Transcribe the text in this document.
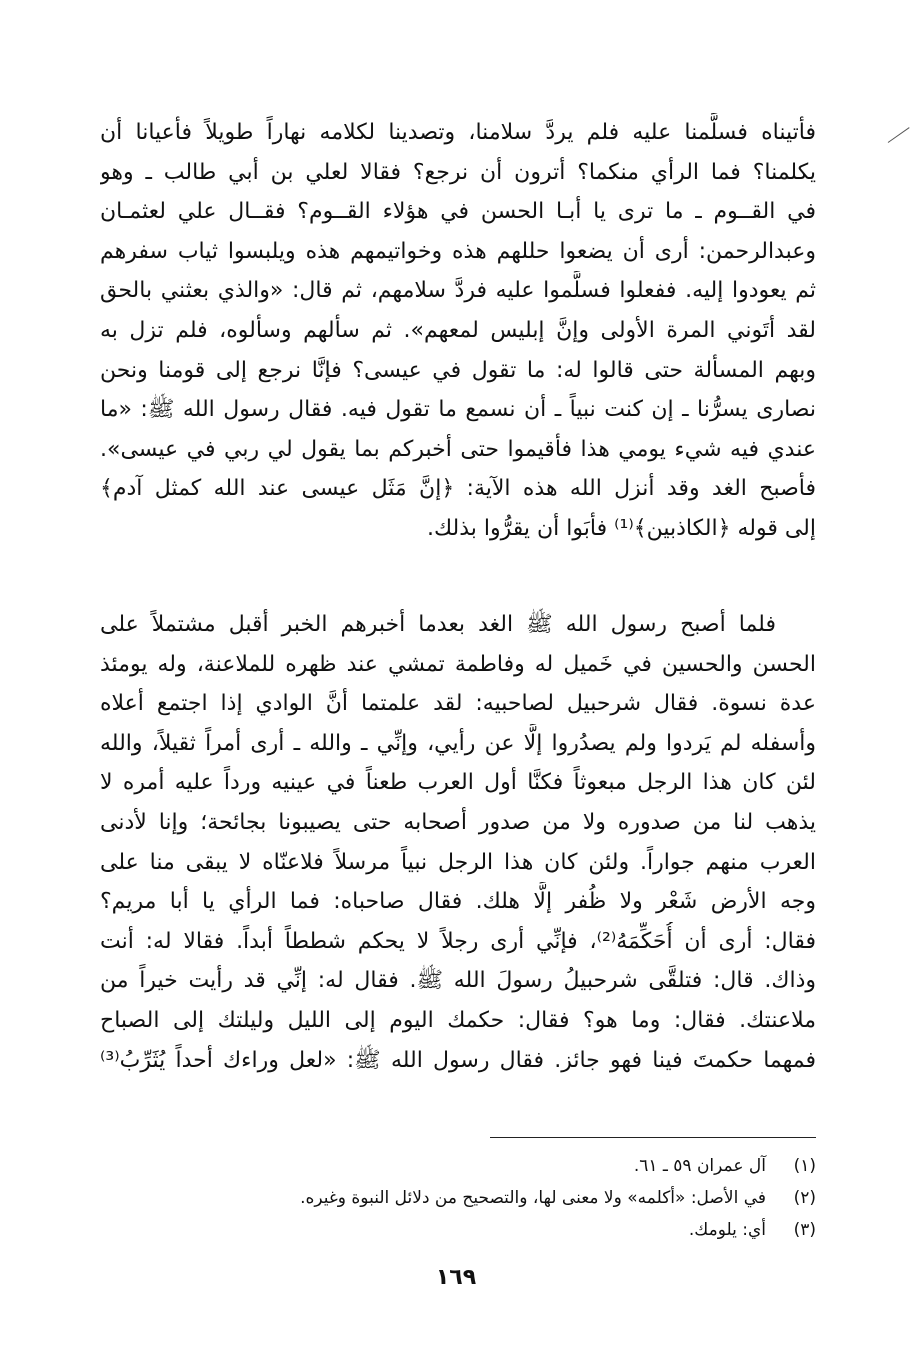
فأتيناه فسلَّمنا عليه فلم يردَّ سلامنا، وتصدينا لكلامه نهاراً طويلاً فأعيانا أن
يكلمنا؟ فما الرأي منكما؟ أترون أن نرجع؟ فقالا لعلي بن أبي طالب ـ وهو
في القــوم ـ ما ترى يا أبـا الحسن في هؤلاء القــوم؟ فقــال علي لعثمـان
وعبدالرحمن: أرى أن يضعوا حللهم هذه وخواتيمهم هذه ويلبسوا ثياب سفرهم
ثم يعودوا إليه. ففعلوا فسلَّموا عليه فردَّ سلامهم، ثم قال: «والذي بعثني بالحق
لقد أتَوني المرة الأولى وإنَّ إبليس لمعهم». ثم سألهم وسألوه، فلم تزل به
وبهم المسألة حتى قالوا له: ما تقول في عيسى؟ فإنَّا نرجع إلى قومنا ونحن
نصارى يسرُّنا ـ إن كنت نبياً ـ أن نسمع ما تقول فيه. فقال رسول الله ﷺ: «ما
عندي فيه شيء يومي هذا فأقيموا حتى أخبركم بما يقول لي ربي في عيسى».
فأصبح الغد وقد أنزل الله هذه الآية: ﴿إنَّ مَثَل عيسى عند الله كمثل آدم﴾
إلى قوله ﴿الكاذبين﴾⁽¹⁾ فأبَوا أن يقرُّوا بذلك.
فلما أصبح رسول الله ﷺ الغد بعدما أخبرهم الخبر أقبل مشتملاً على
الحسن والحسين في خَميل له وفاطمة تمشي عند ظهره للملاعنة، وله يومئذ
عدة نسوة. فقال شرحبيل لصاحبيه: لقد علمتما أنَّ الوادي إذا اجتمع أعلاه
وأسفله لم يَردوا ولم يصدُروا إلَّا عن رأيي، وإنِّي ـ والله ـ أرى أمراً ثقيلاً، والله
لئن كان هذا الرجل مبعوثاً فكنَّا أول العرب طعناً في عينيه ورداً عليه أمره لا
يذهب لنا من صدوره ولا من صدور أصحابه حتى يصيبونا بجائحة؛ وإنا لأدنى
العرب منهم جواراً. ولئن كان هذا الرجل نبياً مرسلاً فلاعنّاه لا يبقى منا على
وجه الأرض شَعْر ولا ظُفر إلَّا هلك. فقال صاحباه: فما الرأي يا أبا مريم؟
فقال: أرى أن أُحَكِّمَهُ⁽²⁾، فإنِّي أرى رجلاً لا يحكم شططاً أبداً. فقالا له: أنت
وذاك. قال: فتلقَّى شرحبيلُ رسولَ الله ﷺ. فقال له: إنِّي قد رأيت خيراً من
ملاعنتك. فقال: وما هو؟ فقال: حكمك اليوم إلى الليل وليلتك إلى الصباح
فمهما حكمتَ فينا فهو جائز. فقال رسول الله ﷺ: «لعل وراءك أحداً يُثَرِّبُ⁽³⁾
(١)
آل عمران ٥٩ ـ ٦١.
(٢)
في الأصل: «أكلمه» ولا معنى لها، والتصحيح من دلائل النبوة وغيره.
(٣)
أي: يلومك.
١٦٩
